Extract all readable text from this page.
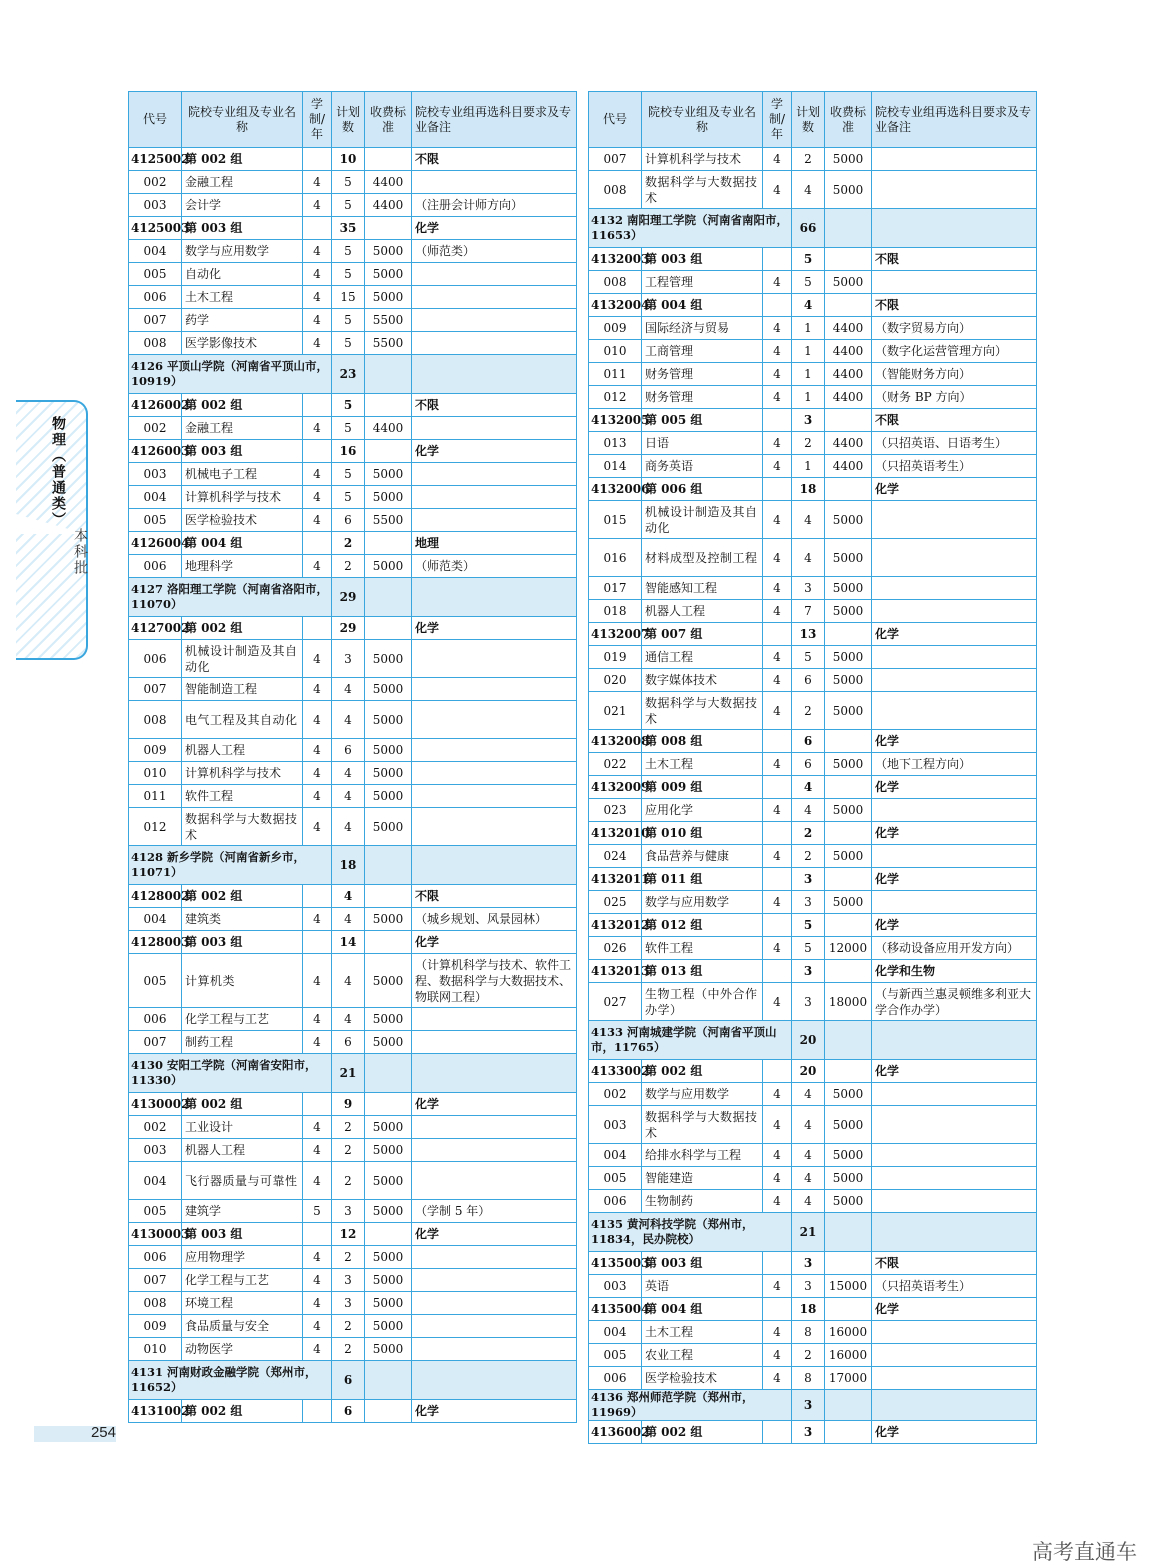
物理（普通类）
本科批
代号	院校专业组及专业名称	学制/年	计划数	收费标准	院校专业组再选科目要求及专业备注
4125002	第 002 组		10		不限
002	金融工程	4	5	4400	
003	会计学	4	5	4400	（注册会计师方向）
4125003	第 003 组		35		化学
004	数学与应用数学	4	5	5000	（师范类）
005	自动化	4	5	5000	
006	土木工程	4	15	5000	
007	药学	4	5	5500	
008	医学影像技术	4	5	5500	
4126 平顶山学院（河南省平顶山市，10919）			23		
4126002	第 002 组		5		不限
002	金融工程	4	5	4400	
4126003	第 003 组		16		化学
003	机械电子工程	4	5	5000	
004	计算机科学与技术	4	5	5000	
005	医学检验技术	4	6	5500	
4126004	第 004 组		2		地理
006	地理科学	4	2	5000	（师范类）
4127 洛阳理工学院（河南省洛阳市，11070）			29		
4127002	第 002 组		29		化学
006	机械设计制造及其自动化	4	3	5000	
007	智能制造工程	4	4	5000	
008	电气工程及其自动化	4	4	5000	
009	机器人工程	4	6	5000	
010	计算机科学与技术	4	4	5000	
011	软件工程	4	4	5000	
012	数据科学与大数据技术	4	4	5000	
4128 新乡学院（河南省新乡市，11071）			18		
4128002	第 002 组		4		不限
004	建筑类	4	4	5000	（城乡规划、风景园林）
4128003	第 003 组		14		化学
005	计算机类	4	4	5000	（计算机科学与技术、软件工程、数据科学与大数据技术、物联网工程）
006	化学工程与工艺	4	4	5000	
007	制药工程	4	6	5000	
4130 安阳工学院（河南省安阳市，11330）			21		
4130002	第 002 组		9		化学
002	工业设计	4	2	5000	
003	机器人工程	4	2	5000	
004	飞行器质量与可靠性	4	2	5000	
005	建筑学	5	3	5000	（学制 5 年）
4130003	第 003 组		12		化学
006	应用物理学	4	2	5000	
007	化学工程与工艺	4	3	5000	
008	环境工程	4	3	5000	
009	食品质量与安全	4	2	5000	
010	动物医学	4	2	5000	
4131 河南财政金融学院（郑州市，11652）			6		
4131002	第 002 组		6		化学
代号	院校专业组及专业名称	学制/年	计划数	收费标准	院校专业组再选科目要求及专业备注
007	计算机科学与技术	4	2	5000	
008	数据科学与大数据技术	4	4	5000	
4132 南阳理工学院（河南省南阳市，11653）			66		
4132003	第 003 组		5		不限
008	工程管理	4	5	5000	
4132004	第 004 组		4		不限
009	国际经济与贸易	4	1	4400	（数字贸易方向）
010	工商管理	4	1	4400	（数字化运营管理方向）
011	财务管理	4	1	4400	（智能财务方向）
012	财务管理	4	1	4400	（财务 BP 方向）
4132005	第 005 组		3		不限
013	日语	4	2	4400	（只招英语、日语考生）
014	商务英语	4	1	4400	（只招英语考生）
4132006	第 006 组		18		化学
015	机械设计制造及其自动化	4	4	5000	
016	材料成型及控制工程	4	4	5000	
017	智能感知工程	4	3	5000	
018	机器人工程	4	7	5000	
4132007	第 007 组		13		化学
019	通信工程	4	5	5000	
020	数字媒体技术	4	6	5000	
021	数据科学与大数据技术	4	2	5000	
4132008	第 008 组		6		化学
022	土木工程	4	6	5000	（地下工程方向）
4132009	第 009 组		4		化学
023	应用化学	4	4	5000	
4132010	第 010 组		2		化学
024	食品营养与健康	4	2	5000	
4132011	第 011 组		3		化学
025	数学与应用数学	4	3	5000	
4132012	第 012 组		5		化学
026	软件工程	4	5	12000	（移动设备应用开发方向）
4132013	第 013 组		3		化学和生物
027	生物工程（中外合作办学）	4	3	18000	（与新西兰惠灵顿维多利亚大学合作办学）
4133 河南城建学院（河南省平顶山市，11765）			20		
4133002	第 002 组		20		化学
002	数学与应用数学	4	4	5000	
003	数据科学与大数据技术	4	4	5000	
004	给排水科学与工程	4	4	5000	
005	智能建造	4	4	5000	
006	生物制药	4	4	5000	
4135 黄河科技学院（郑州市，11834，民办院校）			21		
4135003	第 003 组		3		不限
003	英语	4	3	15000	（只招英语考生）
4135004	第 004 组		18		化学
004	土木工程	4	8	16000	
005	农业工程	4	2	16000	
006	医学检验技术	4	8	17000	
4136 郑州师范学院（郑州市，11969）			3		
4136002	第 002 组		3		化学
254
高考直通车
